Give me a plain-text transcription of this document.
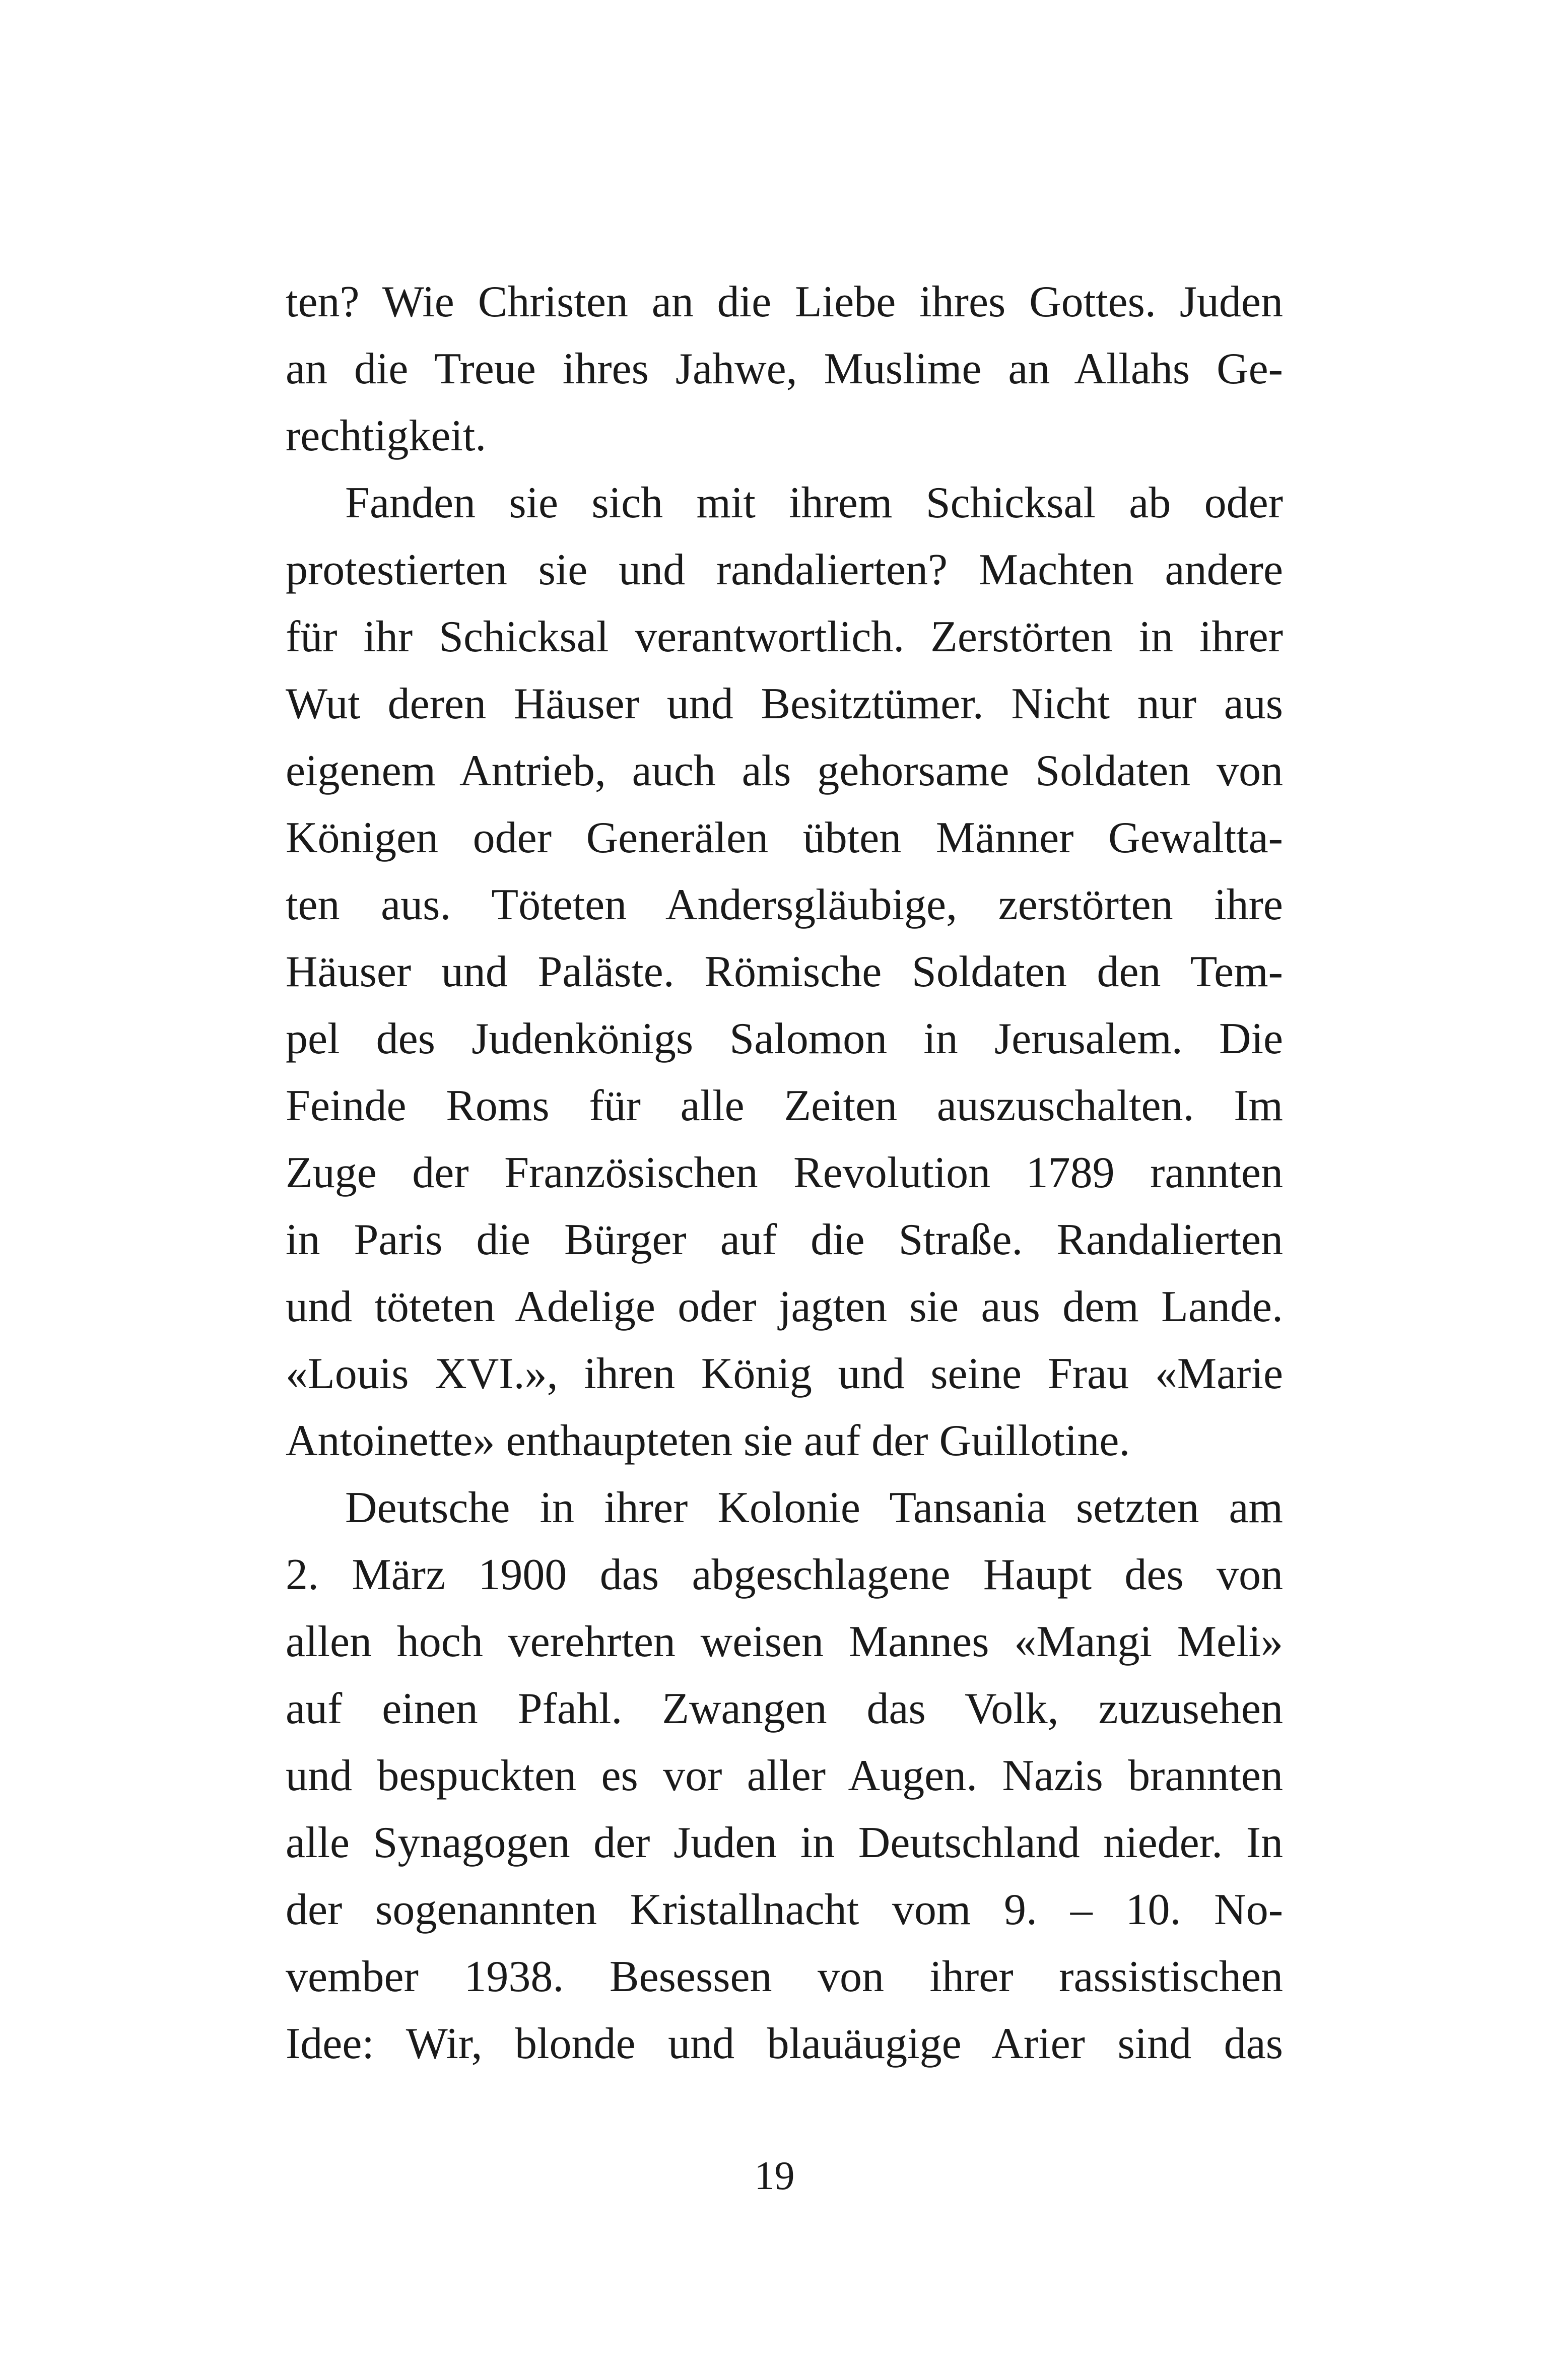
ten? Wie Christen an die Liebe ihres Gottes. Juden
an die Treue ihres Jahwe, Muslime an Allahs Ge-
rechtigkeit.
Fanden sie sich mit ihrem Schicksal ab oder
protestierten sie und randalierten? Machten andere
für ihr Schicksal verantwortlich. Zerstörten in ihrer
Wut deren Häuser und Besitztümer. Nicht nur aus
eigenem Antrieb, auch als gehorsame Soldaten von
Königen oder Generälen übten Männer Gewaltta-
ten aus. Töteten Andersgläubige, zerstörten ihre
Häuser und Paläste. Römische Soldaten den Tem-
pel des Judenkönigs Salomon in Jerusalem. Die
Feinde Roms für alle Zeiten auszuschalten. Im
Zuge der Französischen Revolution 1789 rannten
in Paris die Bürger auf die Straße. Randalierten
und töteten Adelige oder jagten sie aus dem Lande.
«Louis XVI.», ihren König und seine Frau «Marie
Antoinette» enthaupteten sie auf der Guillotine.
Deutsche in ihrer Kolonie Tansania setzten am
2. März 1900 das abgeschlagene Haupt des von
allen hoch verehrten weisen Mannes «Mangi Meli»
auf einen Pfahl. Zwangen das Volk, zuzusehen
und bespuckten es vor aller Augen. Nazis brannten
alle Synagogen der Juden in Deutschland nieder. In
der sogenannten Kristallnacht vom 9. – 10. No-
vember 1938. Besessen von ihrer rassistischen
Idee: Wir, blonde und blauäugige Arier sind das
19
